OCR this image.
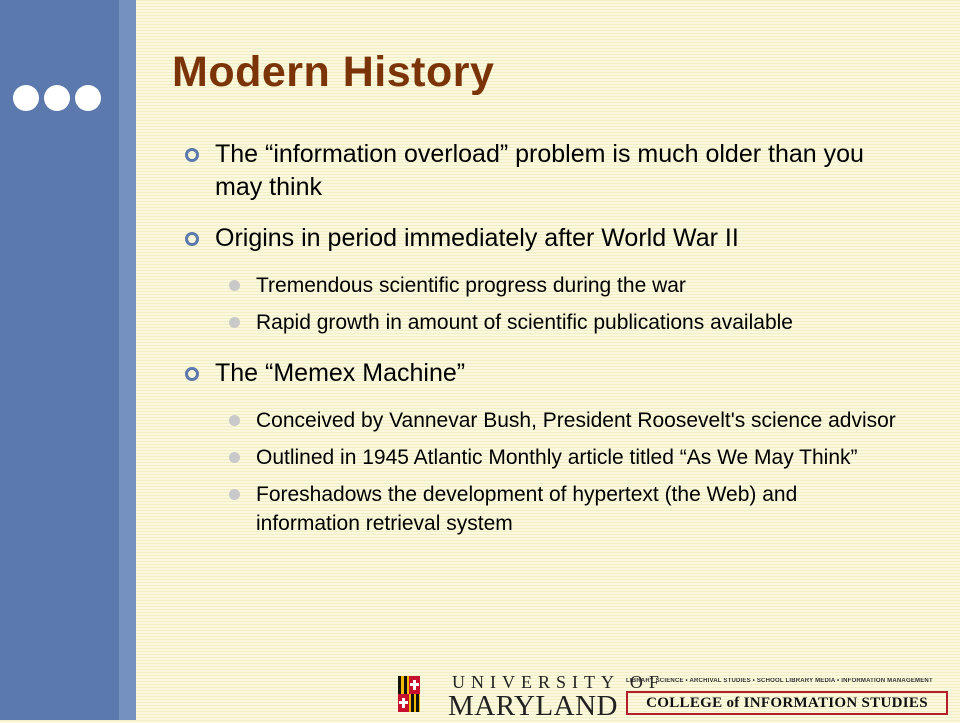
Modern History
The “information overload” problem is much older than you may think
Origins in period immediately after World War II
Tremendous scientific progress during the war
Rapid growth in amount of scientific publications available
The “Memex Machine”
Conceived by Vannevar Bush, President Roosevelt's science advisor
Outlined in 1945 Atlantic Monthly article titled “As We May Think”
Foreshadows the development of hypertext (the Web) and information retrieval system
UNIVERSITY OF
MARYLAND
LIBRARY SCIENCE • ARCHIVAL STUDIES • SCHOOL LIBRARY MEDIA • INFORMATION MANAGEMENT
COLLEGE of INFORMATION STUDIES
